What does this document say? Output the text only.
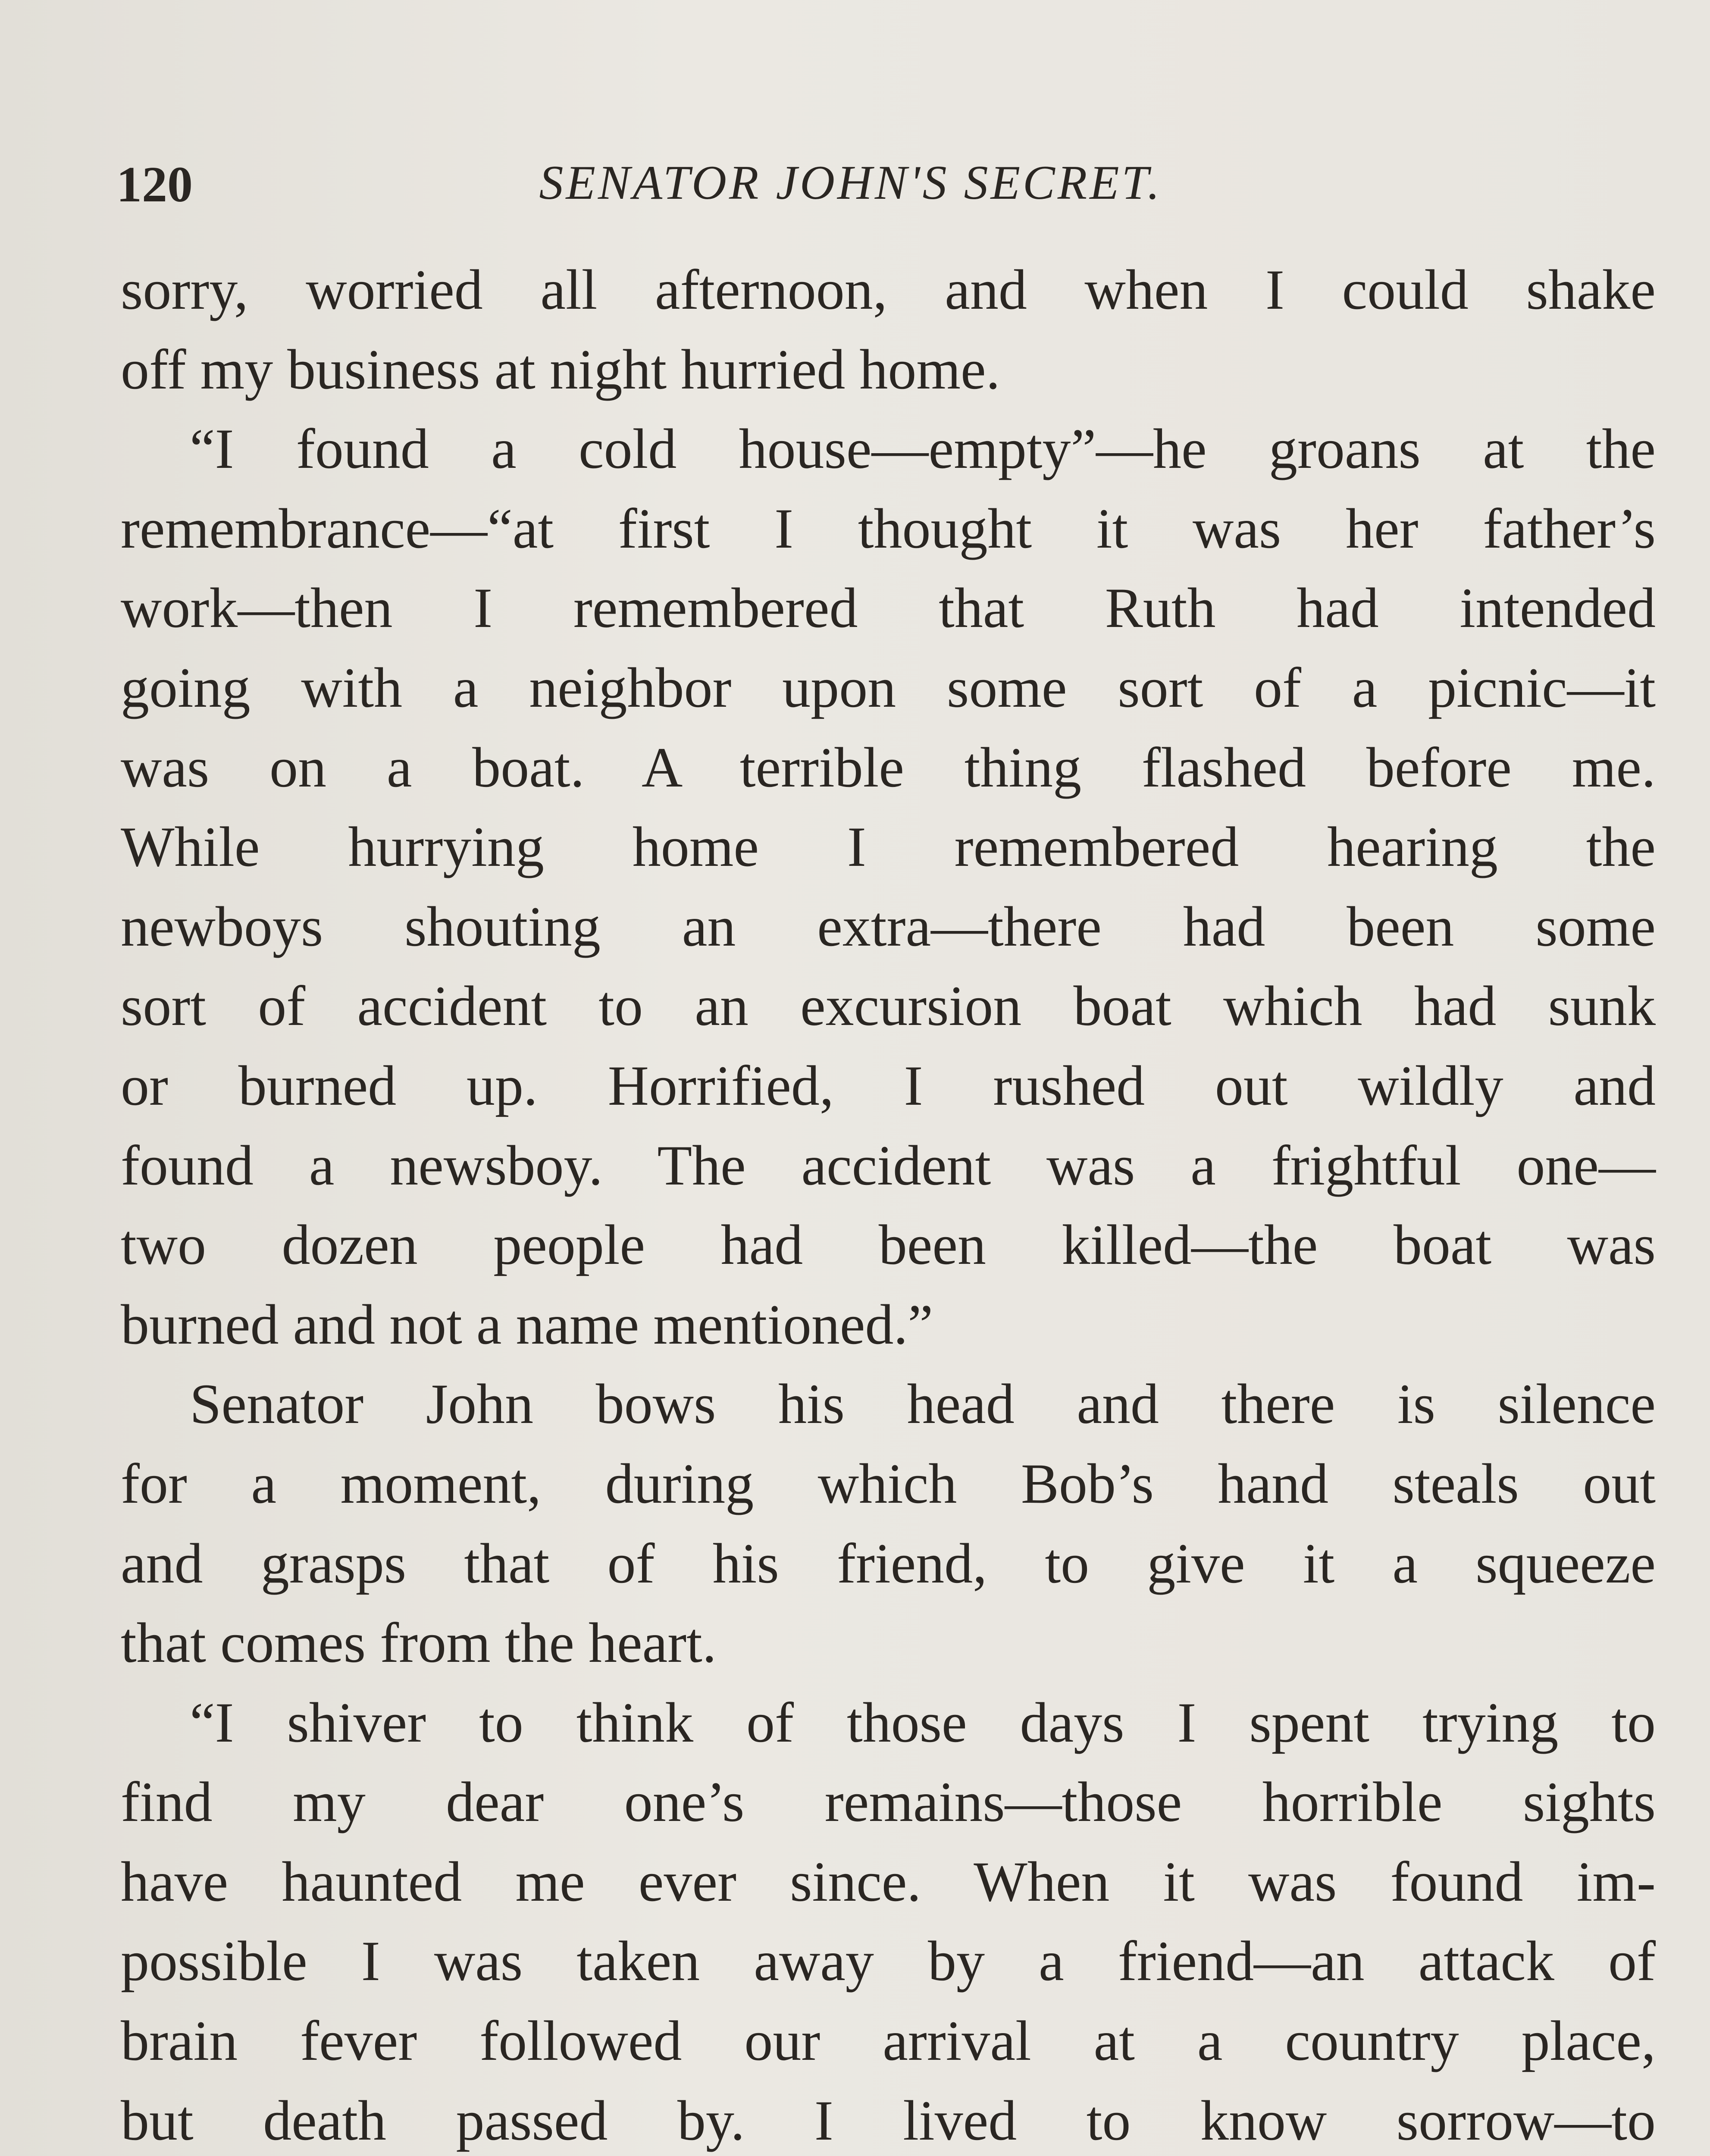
120	SENATOR JOHN'S SECRET.
sorry, worried all afternoon, and when I could shake
off my business at night hurried home.
“I found a cold house—empty”—he groans at the
remembrance—“at first I thought it was her father’s
work—then I remembered that Ruth had intended
going with a neighbor upon some sort of a picnic—it
was on a boat. A terrible thing flashed before me.
While hurrying home I remembered hearing the
newboys shouting an extra—there had been some
sort of accident to an excursion boat which had sunk
or burned up. Horrified, I rushed out wildly and
found a newsboy. The accident was a frightful one—
two dozen people had been killed—the boat was
burned and not a name mentioned.”
Senator John bows his head and there is silence
for a moment, during which Bob’s hand steals out
and grasps that of his friend, to give it a squeeze
that comes from the heart.
“I shiver to think of those days I spent trying to
find my dear one’s remains—those horrible sights
have haunted me ever since. When it was found im-
possible I was taken away by a friend—an attack of
brain fever followed our arrival at a country place,
but death passed by. I lived to know sorrow—to
